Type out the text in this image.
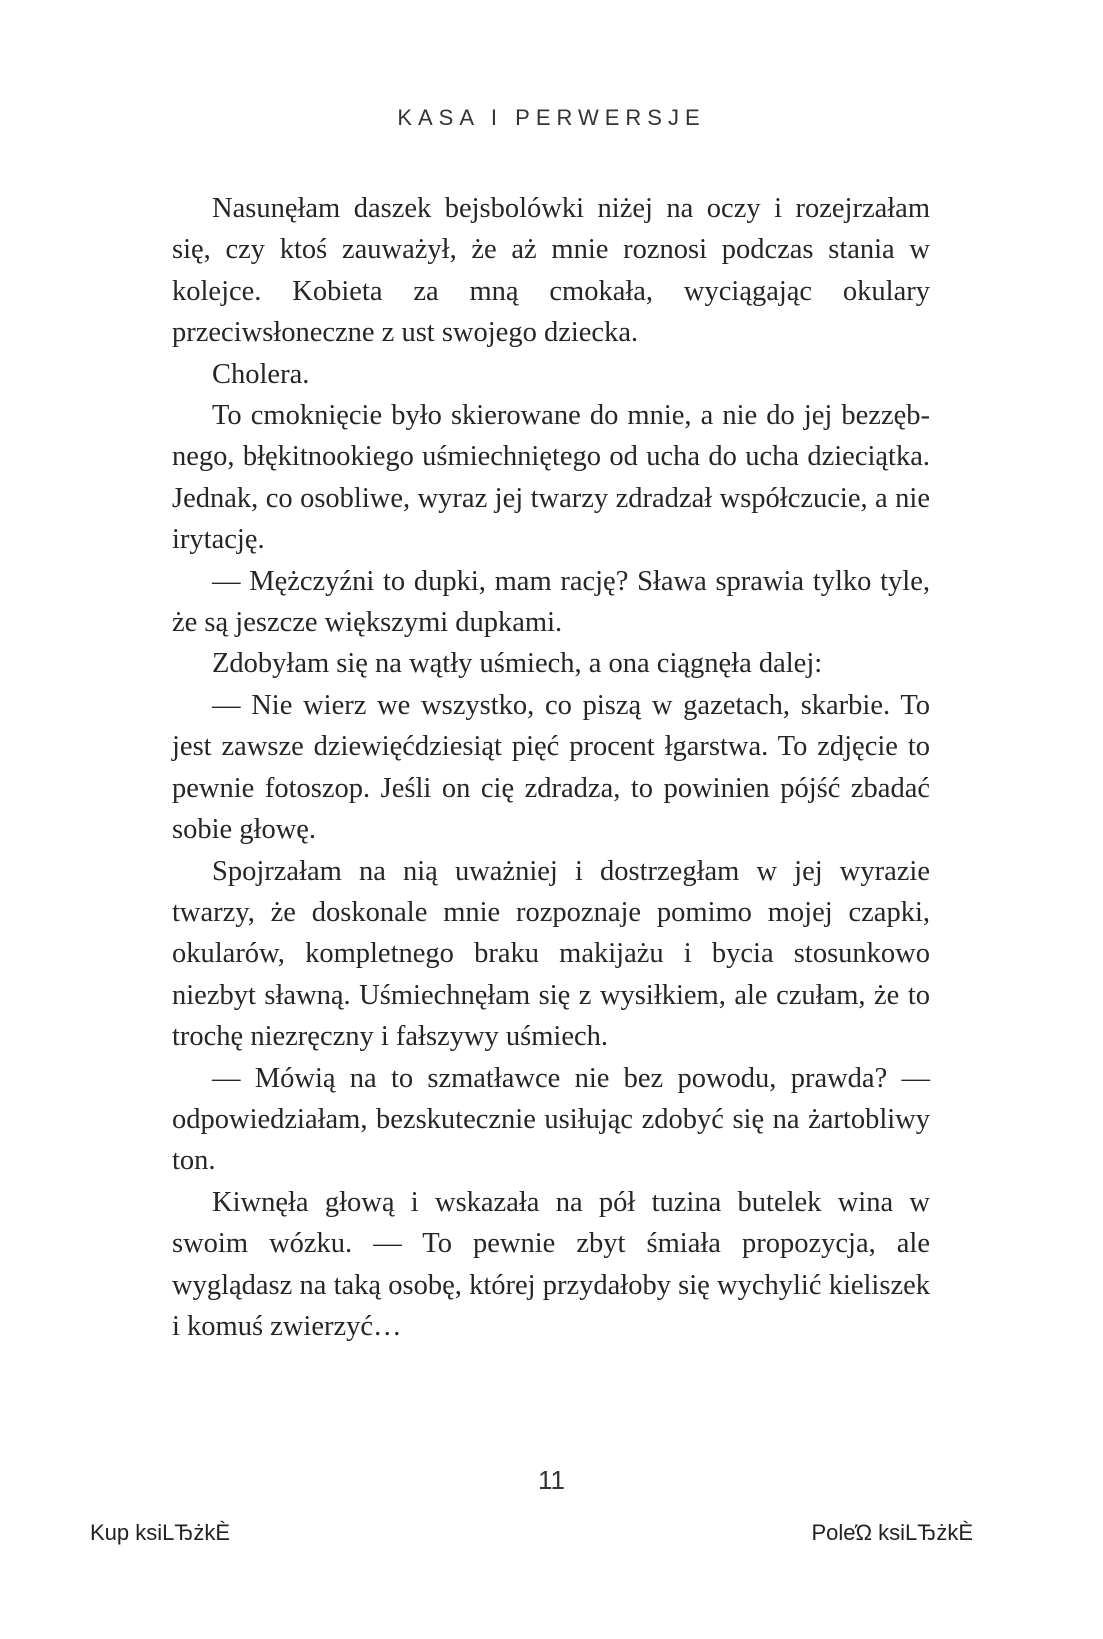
KASA I PERWERSJE

Nasunęłam daszek bejsbolówki niżej na oczy i rozejrzałam się, czy ktoś zauważył, że aż mnie roznosi podczas stania w kolejce. Kobieta za mną cmokała, wyciągając okulary przeciwsłoneczne z ust swojego dziecka.

Cholera.

To cmoknięcie było skierowane do mnie, a nie do jej bezzębnego, błękitnookiego uśmiechniętego od ucha do ucha dzieciątka. Jednak, co osobliwe, wyraz jej twarzy zdradzał współczucie, a nie irytację.

— Mężczyźni to dupki, mam rację? Sława sprawia tylko tyle, że są jeszcze większymi dupkami.

Zdobyłam się na wątły uśmiech, a ona ciągnęła dalej:

— Nie wierz we wszystko, co piszą w gazetach, skarbie. To jest zawsze dziewięćdziesiąt pięć procent łgarstwa. To zdjęcie to pewnie fotoszop. Jeśli on cię zdradza, to powinien pójść zbadać sobie głowę.

Spojrzałam na nią uważniej i dostrzegłam w jej wyrazie twarzy, że doskonale mnie rozpoznaje pomimo mojej czapki, okularów, kompletnego braku makijażu i bycia stosunkowo niezbyt sławną. Uśmiechnęłam się z wysiłkiem, ale czułam, że to trochę niezręczny i fałszywy uśmiech.

— Mówią na to szmatławce nie bez powodu, prawda? — odpowiedziałam, bezskutecznie usiłując zdobyć się na żartobliwy ton.

Kiwnęła głową i wskazała na pół tuzina butelek wina w swoim wózku. — To pewnie zbyt śmiała propozycja, ale wyglądasz na taką osobę, której przydałoby się wychylić kieliszek i komuś zwierzyć…

11
Kup ksiLЂżkЀ	PoleΏ ksiLЂżkЀ
